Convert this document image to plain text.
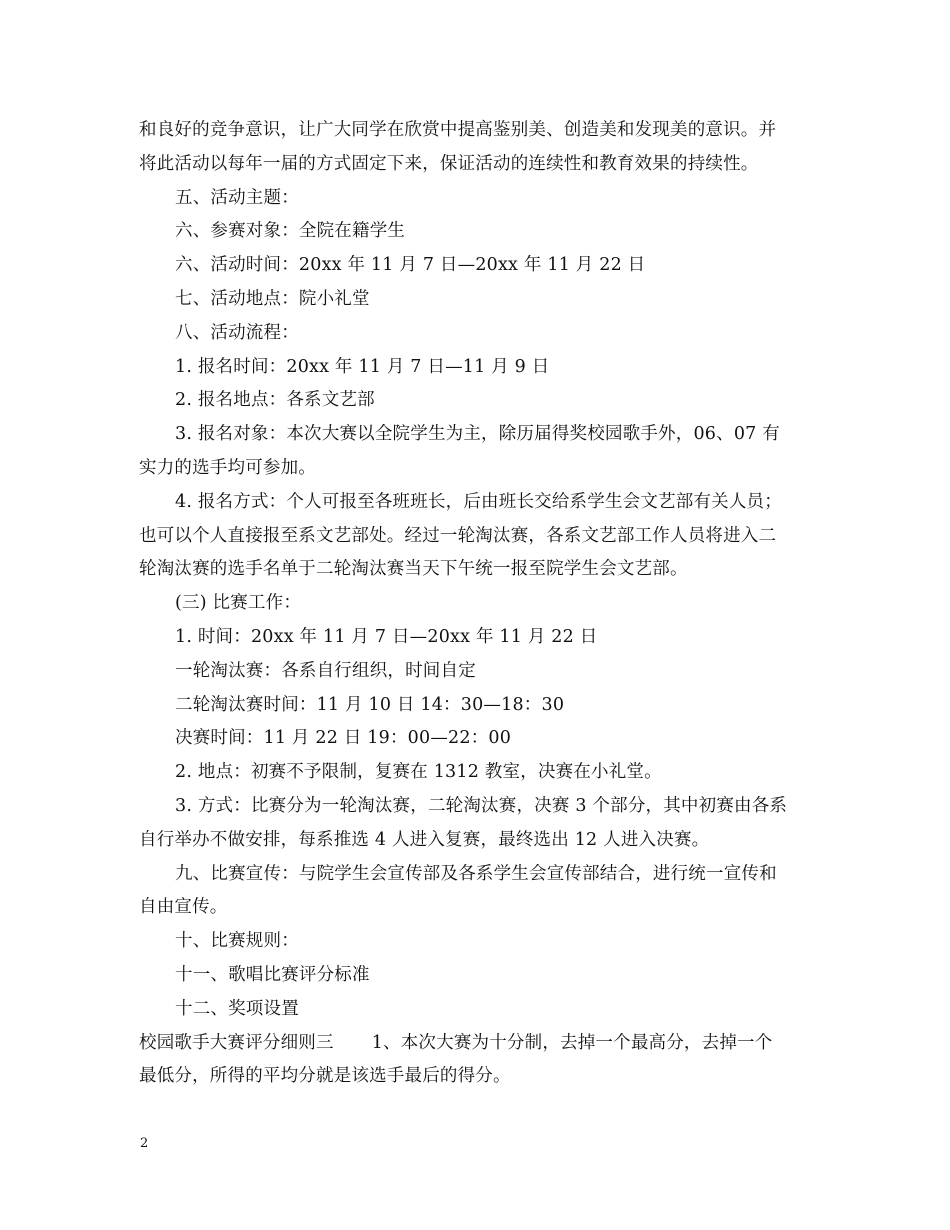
和良好的竞争意识，让广大同学在欣赏中提高鉴别美、创造美和发现美的意识。并

将此活动以每年一届的方式固定下来，保证活动的连续性和教育效果的持续性。

五、活动主题：

六、参赛对象：全院在籍学生

六、活动时间：20xx 年 11 月 7 日—20xx 年 11 月 22 日

七、活动地点：院小礼堂

八、活动流程：

1. 报名时间：20xx 年 11 月 7 日—11 月 9 日

2. 报名地点：各系文艺部

3. 报名对象：本次大赛以全院学生为主，除历届得奖校园歌手外，06、07 有

实力的选手均可参加。

4. 报名方式：个人可报至各班班长，后由班长交给系学生会文艺部有关人员；

也可以个人直接报至系文艺部处。经过一轮淘汰赛，各系文艺部工作人员将进入二

轮淘汰赛的选手名单于二轮淘汰赛当天下午统一报至院学生会文艺部。

(三) 比赛工作：

1. 时间：20xx 年 11 月 7 日—20xx 年 11 月 22 日

一轮淘汰赛：各系自行组织，时间自定

二轮淘汰赛时间：11 月 10 日 14：30—18：30

决赛时间：11 月 22 日 19：00—22：00

2. 地点：初赛不予限制，复赛在 1312 教室，决赛在小礼堂。

3. 方式：比赛分为一轮淘汰赛，二轮淘汰赛，决赛 3 个部分，其中初赛由各系

自行举办不做安排，每系推选 4 人进入复赛，最终选出 12 人进入决赛。

九、比赛宣传：与院学生会宣传部及各系学生会宣传部结合，进行统一宣传和

自由宣传。

十、比赛规则：

十一、歌唱比赛评分标准

十二、奖项设置

校园歌手大赛评分细则三 1、本次大赛为十分制，去掉一个最高分，去掉一个

最低分，所得的平均分就是该选手最后的得分。

2
